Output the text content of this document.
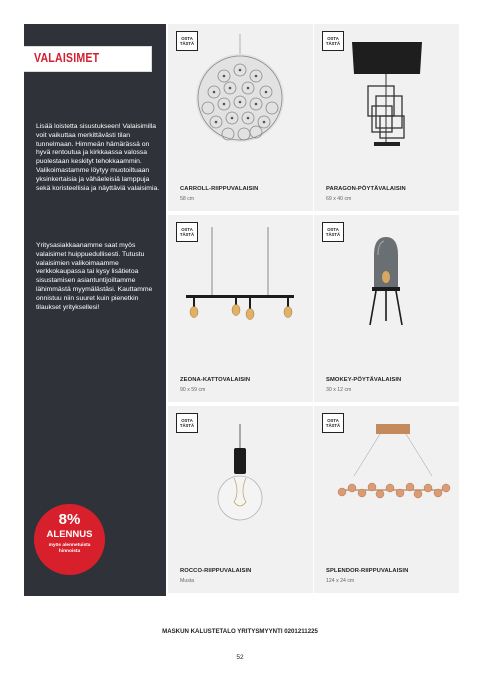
VALAISIMET
Lisää loistetta sisustukseen! Valaisimilla voit vaikuttaa merkittävästi tilan tunnelmaan. Himmeän hämärässä on hyvä rentoutua ja kirkkaassa valossa puolestaan keskityt tehokkaammin. Valikoimastamme löytyy muotoiltuaan yksinkertaisia ja vähäeleisiä lamppuja sekä koristeellisia ja näyttäviä valaisimia.
Yritysasiakkaanamme saat myös valaisimet huippuedullisesti. Tutustu valaisimien valikoimaamme verkkokaupassa tai kysy lisätietoa sisustamisen asiantuntijoiltamme lähimmästä myymälästäsi. Kauttamme onnistuu niin suuret kuin pienetkin tilaukset yrityksellesi!
8%
ALENNUS
myös alennetuista hinnoista
OSTA TÄSTÄ
CARROLL-RIIPPUVALAISIN
58 cm
OSTA TÄSTÄ
PARAGON-PÖYTÄVALAISIN
69 x 40 cm
OSTA TÄSTÄ
ZEONA-KATTOVALAISIN
90 x 59 cm
OSTA TÄSTÄ
SMOKEY-PÖYTÄVALAISIN
30 x 12 cm
OSTA TÄSTÄ
ROCCO-RIIPPUVALAISIN
Musta
OSTA TÄSTÄ
SPLENDOR-RIIPPUVALAISIN
124 x 24 cm
MASKUN KALUSTETALO YRITYSMYYNTI 0201211225
52
